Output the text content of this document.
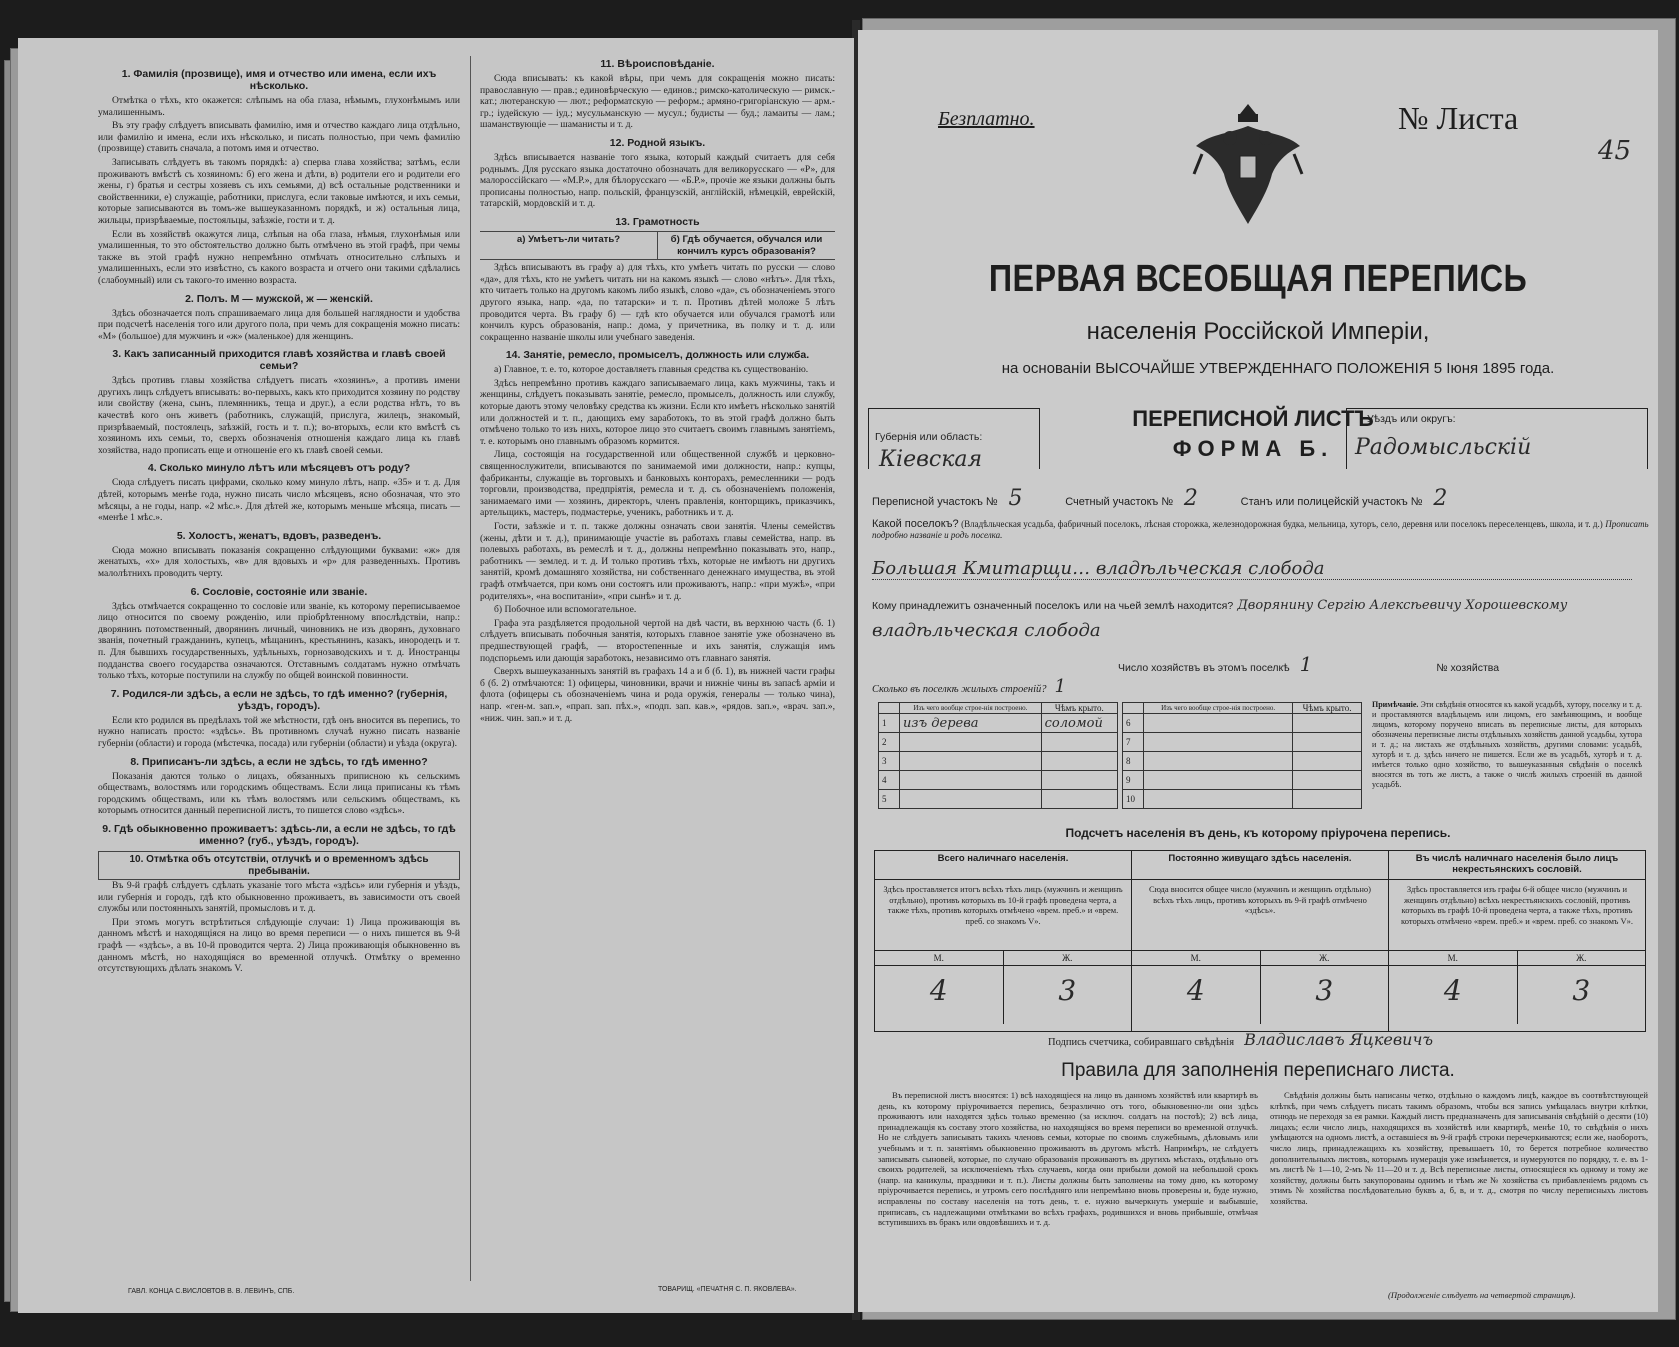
1. Фамилія (прозвище), имя и отчество или имена, если ихъ нѣсколько.

Отмѣтка о тѣхъ, кто окажется: слѣпымъ на оба глаза, нѣмымъ, глухонѣмымъ или умалишеннымъ.

Въ эту графу слѣдуетъ вписывать фамилію, имя и отчество каждаго лица отдѣльно, или фамилію и имена, если ихъ нѣсколько, и писать полностью, при чемъ фамилію (прозвище) ставить сначала, а потомъ имя и отчество.

Записывать слѣдуетъ въ такомъ порядкѣ: а) сперва глава хозяйства; затѣмъ, если проживаютъ вмѣстѣ съ хозяиномъ: б) его жена и дѣти, в) родители его и родители его жены, г) братья и сестры хозяевъ съ ихъ семьями, д) всѣ остальные родственники и свойственники, е) служащіе, работники, прислуга, если таковые имѣются, и ихъ семьи, которые записываются въ томъ-же вышеуказанномъ порядкѣ, и ж) остальныя лица, жильцы, призрѣваемые, постояльцы, заѣзжіе, гости и т. д.

Если въ хозяйствѣ окажутся лица, слѣпыя на оба глаза, нѣмыя, глухонѣмыя или умалишенныя, то это обстоятельство должно быть отмѣчено въ этой графѣ, при чемы также въ этой графѣ нужно непремѣнно отмѣчать относительно слѣпыхъ и умалишенныхъ, если это извѣстно, съ какого возраста и отчего они такими сдѣлались (слабоумный) или съ такого-то именно возраста.

2. Полъ. М — мужской, ж — женскій.

Здѣсь обозначается полъ спрашиваемаго лица для большей наглядности и удобства при подсчетѣ населенія того или другого пола, при чемъ для сокращенія можно писать: «М» (большое) для мужчинъ и «ж» (маленькое) для женщинъ.

3. Какъ записанный приходится главѣ хозяйства и главѣ своей семьи?

Здѣсь противъ главы хозяйства слѣдуетъ писать «хозяинъ», а противъ имени другихъ лицъ слѣдуетъ вписывать: во-первыхъ, какъ кто приходится хозяину по родству или свойству (жена, сынъ, племянникъ, теща и друг.), а если родства нѣтъ, то въ качествѣ кого онъ живетъ (работникъ, служащій, прислуга, жилецъ, знакомый, призрѣваемый, постоялецъ, заѣзжій, гость и т. п.); во-вторыхъ, если кто вмѣстѣ съ хозяиномъ ихъ семьи, то, сверхъ обозначенія отношенія каждаго лица къ главѣ хозяйства, надо прописать еще и отношеніе его къ главѣ своей семьи.

4. Сколько минуло лѣтъ или мѣсяцевъ отъ роду?

Сюда слѣдуетъ писать цифрами, сколько кому минуло лѣтъ, напр. «35» и т. д. Для дѣтей, которымъ менѣе года, нужно писать число мѣсяцевъ, ясно обозначая, что это мѣсяцы, а не годы, напр. «2 мѣс.». Для дѣтей же, которымъ меньше мѣсяца, писать — «менѣе 1 мѣс.».

5. Холостъ, женатъ, вдовъ, разведенъ.

Сюда можно вписывать показанія сокращенно слѣдующими буквами: «ж» для женатыхъ, «х» для холостыхъ, «в» для вдовыхъ и «р» для разведенныхъ. Противъ малолѣтнихъ проводить черту.

6. Сословіе, состояніе или званіе.

Здѣсь отмѣчается сокращенно то сословіе или званіе, къ которому переписываемое лицо относится по своему рожденію, или пріобрѣтенному впослѣдствіи, напр.: дворянинъ потомственный, дворянинъ личный, чиновникъ не изъ дворянъ, духовнаго званія, почетный гражданинъ, купецъ, мѣщанинъ, крестьянинъ, казакъ, инородецъ и т. п. Для бывшихъ государственныхъ, удѣльныхъ, горнозаводскихъ и т. д. Иностранцы подданства своего государства означаются. Отставнымъ солдатамъ нужно отмѣчать только тѣхъ, которые поступили на службу по общей воинской повинности.

7. Родился-ли здѣсь, а если не здѣсь, то гдѣ именно? (губернія, уѣздъ, городъ).

Если кто родился въ предѣлахъ той же мѣстности, гдѣ онъ вносится въ перепись, то нужно написать просто: «здѣсь». Въ противномъ случаѣ нужно писать названіе губерніи (области) и города (мѣстечка, посада) или губерніи (области) и уѣзда (округа).

8. Приписанъ-ли здѣсь, а если не здѣсь, то гдѣ именно?

Показанія даются только о лицахъ, обязанныхъ приписною къ сельскимъ обществамъ, волостямъ или городскимъ обществамъ. Если лица приписаны къ тѣмъ городскимъ обществамъ, или къ тѣмъ волостямъ или сельскимъ обществамъ, къ которымъ относится данный переписной листъ, то пишется слово «здѣсь».

9. Гдѣ обыкновенно проживаетъ: здѣсь-ли, а если не здѣсь, то гдѣ именно? (губ., уѣздъ, городъ).
10. Отмѣтка объ отсутствіи, отлучкѣ и о временномъ здѣсь пребываніи.

Въ 9-й графѣ слѣдуетъ сдѣлать указаніе того мѣста «здѣсь» или губернія и уѣздъ, или губернія и городъ, гдѣ кто обыкновенно проживаетъ, въ зависимости отъ своей службы или постоянныхъ занятій, промысловъ и т. д.

При этомъ могутъ встрѣтиться слѣдующіе случаи: 1) Лица проживающія въ данномъ мѣстѣ и находящіяся на лицо во время переписи — о нихъ пишется въ 9-й графѣ — «здѣсь», а въ 10-й проводится черта. 2) Лица проживающія обыкновенно въ данномъ мѣстѣ, но находящіяся во временной отлучкѣ. Отмѣтку о временно отсутствующихъ дѣлать знакомъ V.

11. Вѣроисповѣданіе.

Сюда вписывать: къ какой вѣры, при чемъ для сокращенія можно писать: православную — прав.; единовѣрческую — единов.; римско-католическую — римск.-кат.; лютеранскую — лют.; реформатскую — реформ.; армяно-григоріанскую — арм.-гр.; іудейскую — іуд.; мусульманскую — мусул.; будисты — буд.; ламаиты — лам.; шаманствующіе — шаманисты и т. д.

12. Родной языкъ.

Здѣсь вписывается названіе того языка, который каждый считаетъ для себя роднымъ. Для русскаго языка достаточно обозначать для великорусскаго — «Р», для малороссійскаго — «М.Р.», для бѣлорусскаго — «Б.Р.», прочіе же языки должны быть прописаны полностью, напр. польскій, французскій, англійскій, нѣмецкій, еврейскій, татарскій, мордовскій и т. д.

13. Грамотность
а) Умѣетъ-ли читать?	б) Гдѣ обучается, обучался или кончилъ курсъ образованія?

Здѣсь вписываютъ въ графу а) для тѣхъ, кто умѣетъ читать по русски — слово «да», для тѣхъ, кто не умѣетъ читать ни на какомъ языкѣ — слово «нѣтъ». Для тѣхъ, кто читаетъ только на другомъ какомъ либо языкѣ, слово «да», съ обозначеніемъ этого другого языка, напр. «да, по татарски» и т. п. Противъ дѣтей моложе 5 лѣтъ проводится черта. Въ графу б) — гдѣ кто обучается или обучался грамотѣ или кончилъ курсъ образованія, напр.: дома, у причетника, въ полку и т. д. или сокращенно названіе школы или учебнаго заведенія.

14. Занятіе, ремесло, промыселъ, должность или служба.

а) Главное, т. е. то, которое доставляетъ главныя средства къ существованію.

Здѣсь непремѣнно противъ каждаго записываемаго лица, какъ мужчины, такъ и женщины, слѣдуетъ показывать занятіе, ремесло, промыселъ, должность или службу, которые даютъ этому человѣку средства къ жизни. Если кто имѣетъ нѣсколько занятій или должностей и т. п., дающихъ ему заработокъ, то въ этой графѣ должно быть отмѣчено только то изъ нихъ, которое лицо это считаетъ своимъ главнымъ занятіемъ, т. е. которымъ оно главнымъ образомъ кормится.

Лица, состоящія на государственной или общественной службѣ и церковно-священнослужители, вписываются по занимаемой ими должности, напр.: купцы, фабриканты, служащіе въ торговыхъ и банковыхъ конторахъ, ремесленники — родъ торговли, производства, предпріятія, ремесла и т. д. съ обозначеніемъ положенія, занимаемаго ими — хозяинъ, директоръ, членъ правленія, конторщикъ, приказчикъ, артельщикъ, мастеръ, подмастерье, ученикъ, работникъ и т. д.

Гости, заѣзжіе и т. п. также должны означать свои занятія. Члены семействъ (жены, дѣти и т. д.), принимающіе участіе въ работахъ главы семейства, напр. въ полевыхъ работахъ, въ ремеслѣ и т. д., должны непремѣнно показывать это, напр., работникъ — землед. и т. д. И только противъ тѣхъ, которые не имѣютъ ни другихъ занятій, кромѣ домашняго хозяйства, ни собственнаго денежнаго имущества, въ этой графѣ отмѣчается, при комъ они состоятъ или проживаютъ, напр.: «при мужѣ», «при родителяхъ», «на воспитаніи», «при сынѣ» и т. д.

б) Побочное или вспомогательное.

Графа эта раздѣляется продольной чертой на двѣ части, въ верхнюю часть (б. 1) слѣдуетъ вписывать побочныя занятія, которыхъ главное занятіе уже обозначено въ предшествующей графѣ, — второстепенные и ихъ занятія, служащія имъ подспорьемъ или дающія заработокъ, независимо отъ главнаго занятія.

Сверхъ вышеуказанныхъ занятій въ графахъ 14 а и б (б. 1), въ нижней части графы б (б. 2) отмѣчаются: 1) офицеры, чиновники, врачи и нижніе чины въ запасѣ арміи и флота (офицеры съ обозначеніемъ чина и рода оружія, генералы — только чина), напр. «ген-м. зап.», «прап. зап. пѣх.», «подп. зап. кав.», «рядов. зап.», «врач. зап.», «ниж. чин. зап.» и т. д.

ГАВЛ. КОНЦА С.ВИСЛОВТОВ В. В. ЛЕВИНЪ, СПБ.	ТОВАРИЩ. «ПЕЧАТНЯ С. П. ЯКОВЛЕВА».
Безплатно.	№ Листа
45
ПЕРВАЯ ВСЕОБЩАЯ ПЕРЕПИСЬ
населенія Россійской Имперіи,
на основаніи ВЫСОЧАЙШЕ УТВЕРЖДЕННАГО ПОЛОЖЕНІЯ 5 Іюня 1895 года.
Губернія или область:
Кіевская
ПЕРЕПИСНОЙ ЛИСТЪ
ФОРМА Б.
Уѣздъ или округъ:
Радомысльскій
Переписной участокъ № 5	Счетный участокъ № 2	Станъ или полицейскій участокъ № 2
Какой поселокъ? (Владѣльческая усадьба, фабричный поселокъ, лѣсная сторожка, железнодорожная будка, мельница, хуторъ, село, деревня или поселокъ переселенцевъ, школа, и т. д.) Прописать подробно названіе и родъ поселка.
Большая Кмитарщи… владѣльческая слобода
Кому принадлежитъ означенный поселокъ или на чьей землѣ находится? Дворянину Сергію Алексѣевичу Хорошевскому
владѣльческая слобода
Число хозяйствъ въ этомъ поселкѣ 1	№ хозяйства
Сколько въ поселкѣ жилыхъ строеній? 1
	Изъ чего вообще строе-нія построено.	Чѣмъ крыто.
1	изъ дерева	соломой
2		
3		
4		
5		
	Изъ чего вообще строе-нія построено.	Чѣмъ крыто.
6		
7		
8		
9		
10		
Примѣчаніе. Эти свѣдѣнія относятся къ какой усадьбѣ, хутору, поселку и т. д. и проставляются владѣльцемъ или лицомъ, его замѣняющимъ, и вообще лицомъ, которому поручено вписать въ переписные листы, для которыхъ обозначены переписные листы отдѣльныхъ хозяйствъ данной усадьбы, хутора и т. д.; на листахъ же отдѣльныхъ хозяйствъ, другими словами: усадьбѣ, хуторѣ и т. д. здѣсь ничего не пишется. Если же въ усадьбѣ, хуторѣ и т. д. имѣется только одно хозяйство, то вышеуказанныя свѣдѣнія о поселкѣ вносятся въ тотъ же листъ, а также о числѣ жилыхъ строеній въ данной усадьбѣ.
Подсчетъ населенія въ день, къ которому пріурочена перепись.
Всего наличнаго населенія.
Здѣсь проставляется итогъ всѣхъ тѣхъ лицъ (мужчинъ и женщинъ отдѣльно), противъ которыхъ въ 10-й графѣ проведена черта, а также тѣхъ, противъ которыхъ отмѣчено «врем. преб.» и «врем. преб. со знакомъ V».
М.	Ж.
4	3
Постоянно живущаго здѣсь населенія.
Сюда вносится общее число (мужчинъ и женщинъ отдѣльно) всѣхъ тѣхъ лицъ, противъ которыхъ въ 9-й графѣ отмѣчено «здѣсь».
М.	Ж.
4	3
Въ числѣ наличнаго населенія было лицъ некрестьянскихъ сословій.
Здѣсь проставляется изъ графы 6-й общее число (мужчинъ и женщинъ отдѣльно) всѣхъ некрестьянскихъ сословій, противъ которыхъ въ графѣ 10-й проведена черта, а также тѣхъ, противъ которыхъ отмѣчено «врем. преб.» и «врем. преб. со знакомъ V».
М.	Ж.
4	3
Подпись счетчика, собиравшаго свѣдѣнія Владиславъ Яцкевичъ
Правила для заполненія переписнаго листа.
Въ переписной листъ вносятся: 1) всѣ находящіеся на лицо въ данномъ хозяйствѣ или квартирѣ въ день, къ которому пріурочивается перепись, безразлично отъ того, обыкновенно-ли они здѣсь проживаютъ или находятся здѣсь только временно (за исключ. солдатъ на постоѣ); 2) всѣ лица, принадлежащія къ составу этого хозяйства, но находящіяся во время переписи во временной отлучкѣ. Но не слѣдуетъ записывать такихъ членовъ семьи, которые по своимъ служебнымъ, дѣловымъ или учебнымъ и т. п. занятіямъ обыкновенно проживаютъ въ другомъ мѣстѣ. Напримѣръ, не слѣдуетъ записывать сыновей, которые, по случаю образованія проживаютъ въ другихъ мѣстахъ, отдѣльно отъ своихъ родителей, за исключеніемъ тѣхъ случаевъ, когда они прибыли домой на небольшой срокъ (напр. на каникулы, праздники и т. п.). Листы должны быть заполнены на тому дню, къ которому пріурочивается перепись, и утромъ сего послѣдняго или непремѣнно вновь проверены и, буде нужно, исправлены по составу населенія на тотъ день, т. е. нужно вычеркнуть умершіе и выбывшіе, приписавъ, съ надлежащими отмѣтками во всѣхъ графахъ, родившихся и вновь прибывшіе, отмѣчая вступившихъ въ бракъ или овдовѣвшихъ и т. д.
Свѣдѣнія должны быть написаны четко, отдѣльно о каждомъ лицѣ, каждое въ соотвѣтствующей клѣткѣ, при чемъ слѣдуетъ писать такимъ образомъ, чтобы вся запись умѣщалась внутри клѣтки, отнюдь не переходя за ея рамки. Каждый листъ предназначенъ для записыванія свѣдѣній о десяти (10) лицахъ; если число лицъ, находящихся въ хозяйствѣ или квартирѣ, менѣе 10, то свѣдѣнія о нихъ умѣщаются на одномъ листѣ, а оставшіеся въ 9-й графѣ строки перечеркиваются; если же, наоборотъ, число лицъ, принадлежащихъ къ хозяйству, превышаетъ 10, то берется потребное количество дополнительныхъ листовъ, которымъ нумерація уже измѣняется, и нумеруются по порядку, т. е. въ 1-мъ листѣ № 1—10, 2-мъ № 11—20 и т. д. Всѣ переписные листы, относящіеся къ одному и тому же хозяйству, должны быть закупорованы однимъ и тѣмъ же № хозяйства съ прибавленіемъ рядомъ съ этимъ № хозяйства послѣдовательно буквъ а, б, в, и т. д., смотря по числу переписныхъ листовъ хозяйства.
(Продолженіе слѣдуетъ на четвертой страницѣ).
